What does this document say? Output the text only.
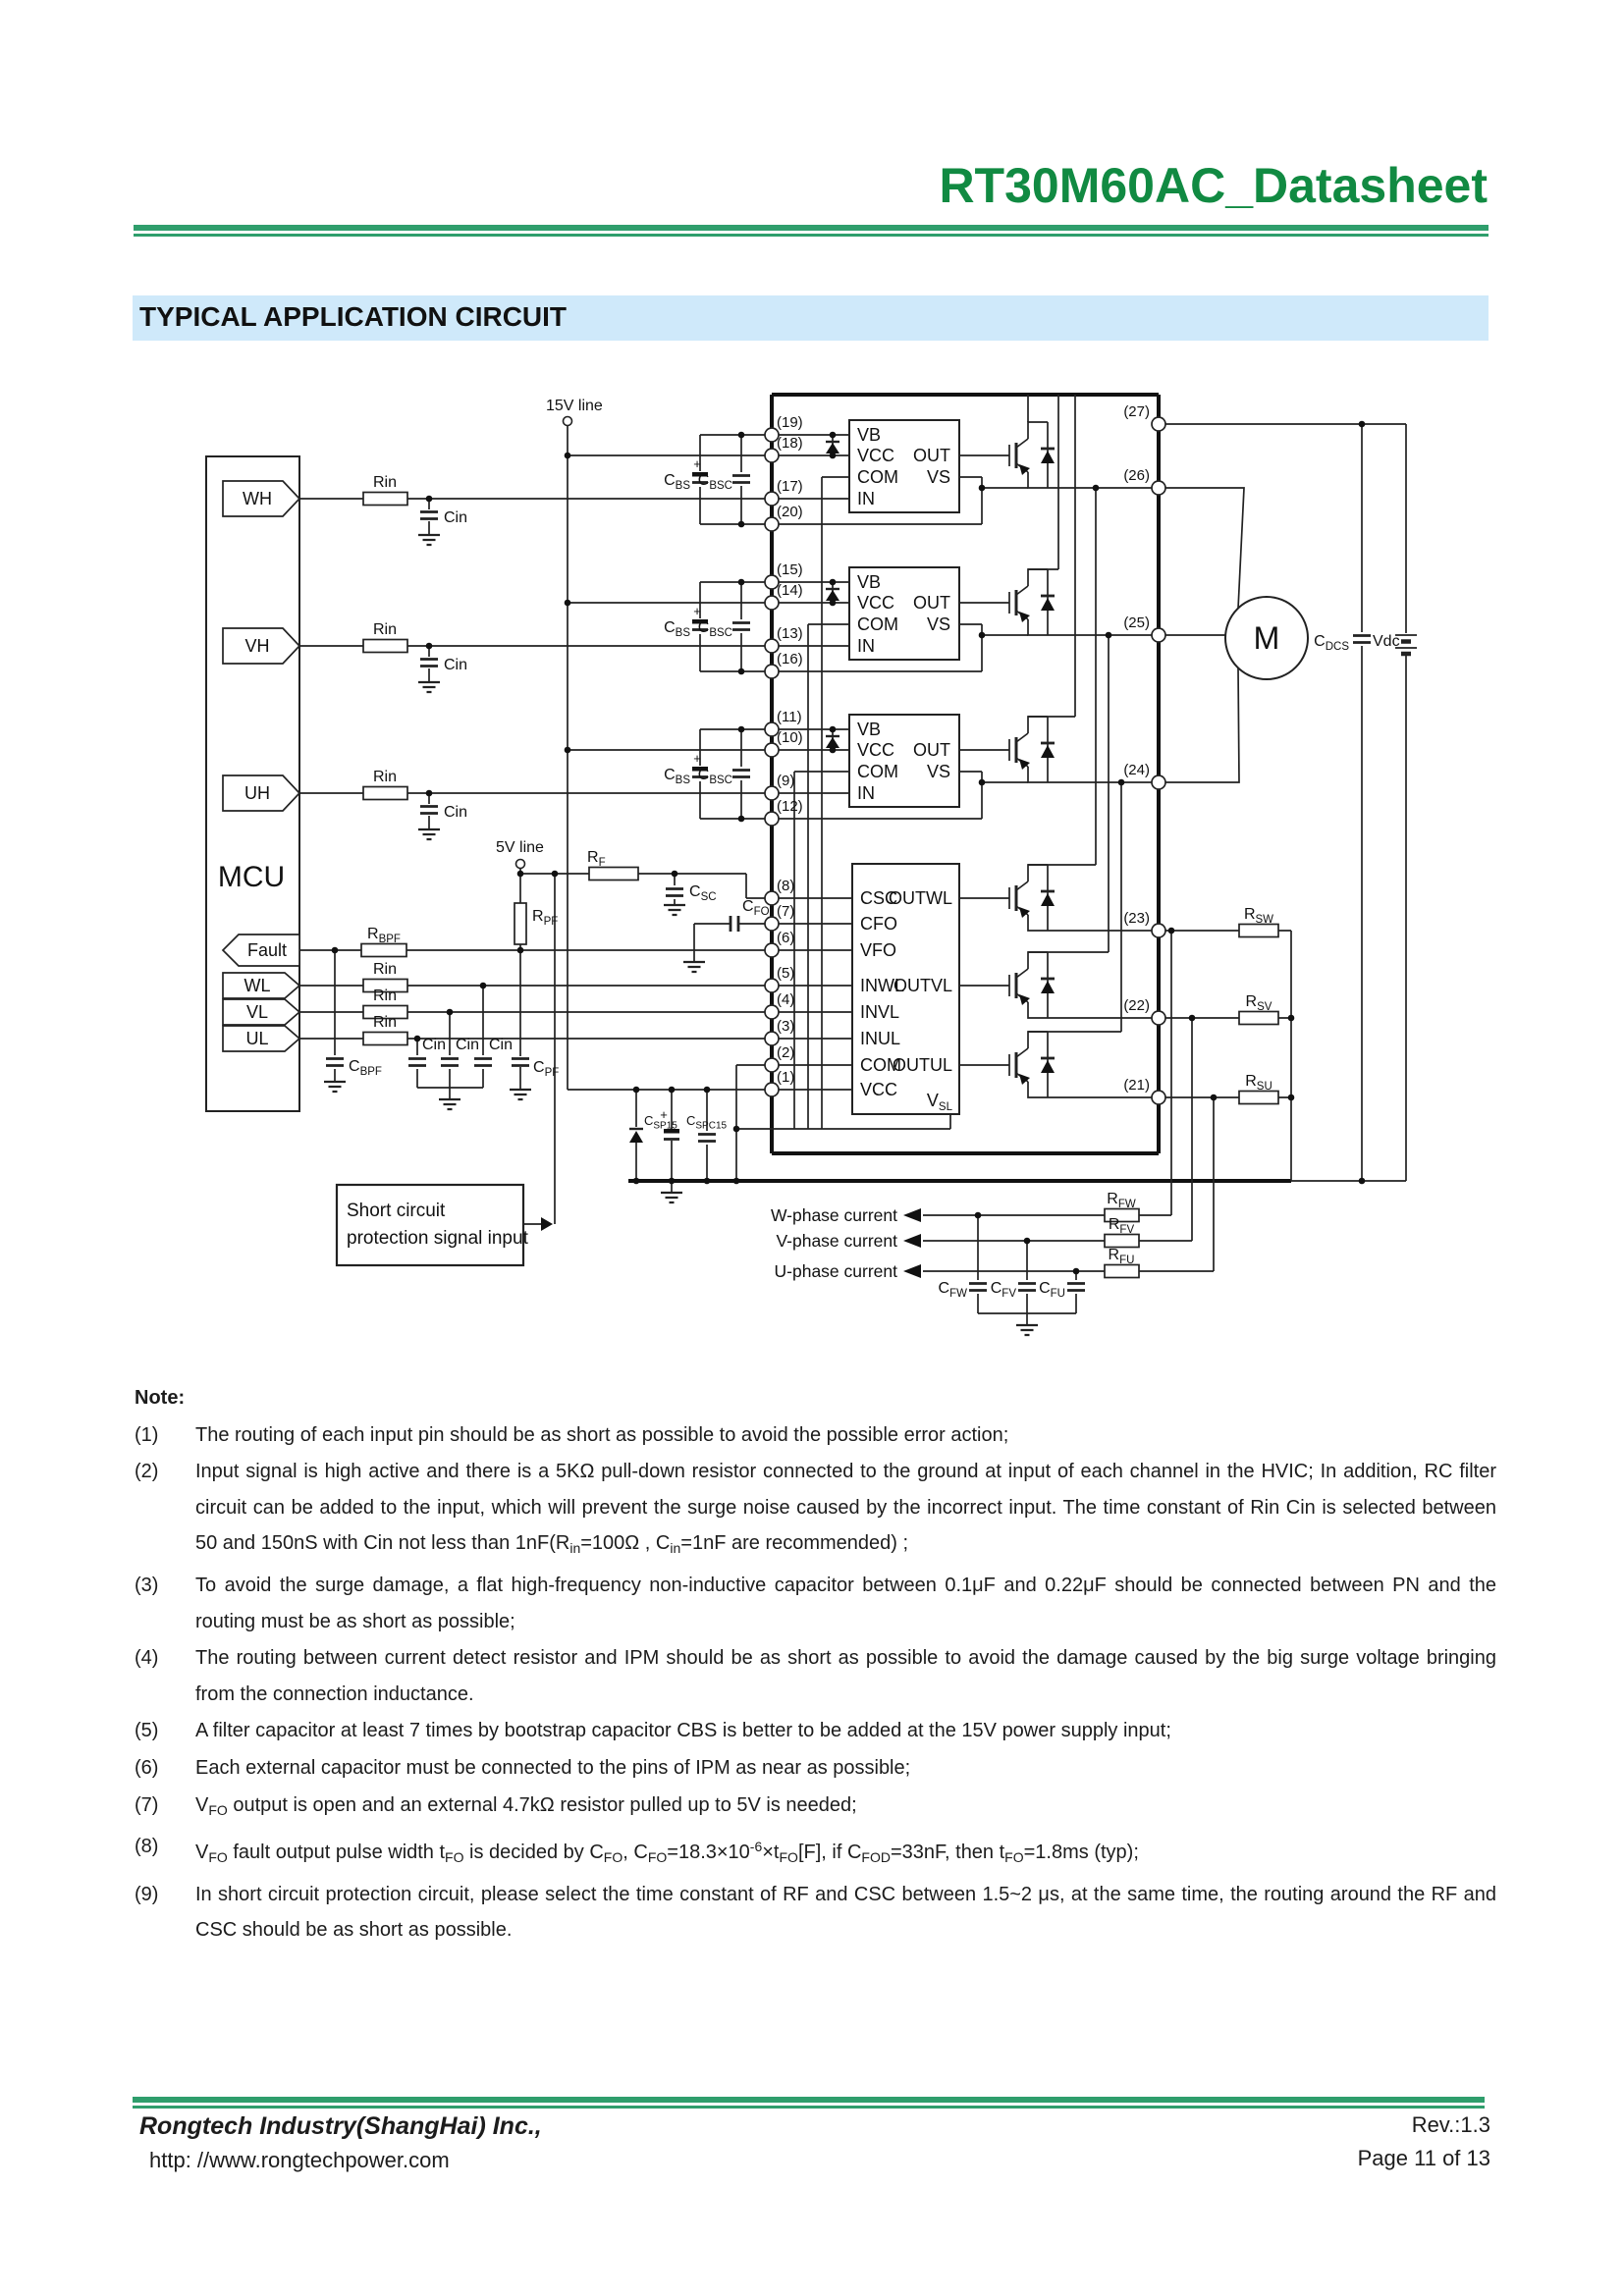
RT30M60AC_Datasheet
TYPICAL APPLICATION CIRCUIT
15V line
5V line
(19)
(18)
(17)
(20)
(15)
(14)
(13)
(16)
(11)
(10)
(9)
(12)
(8)
(7)
(6)
(5)
(4)
(3)
(2)
(1)
(27)
(26)
(25)
(24)
(23)
(22)
(21)
VB
VCC
COM
IN
OUT
VS
VB
VCC
COM
IN
OUT
VS
VB
VCC
COM
IN
OUT
VS
CSC
CFO
VFO
INWL
INVL
INUL
COM
VCC
OUTWL
OUTVL
OUTUL
$V_{SL}$
MCU
WH
VH
UH
Fault
WL
VL
UL
M
Rin
Rin
Rin
Cin
Cin
Cin
$C_{BS}$ $C_{BSC}$
$C_{BS}$ $C_{BSC}$
$C_{BS}$ $C_{BSC}$
+
+
+
$R_F$
$C_{SC}$
$C_{FO}$
$R_{PF}$
$R_{BPF}$
Rin
Rin
Rin
$C_{BPF}$
Cin Cin Cin
$C_{PF}$
$C_{SP15}$ $C_{SPC15}$
+
$C_{DCS}$ Vdc
$R_{SW}$
$R_{SV}$
$R_{SU}$
$R_{FW}$
$R_{FV}$
$R_{FU}$
$C_{FW}$ $C_{FV}$ $C_{FU}$
Short circuit
protection signal input
W-phase current
V-phase current
U-phase current
Note:
(1)	The routing of each input pin should be as short as possible to avoid the possible error action;
(2)	Input signal is high active and there is a 5KΩ pull-down resistor connected to the ground at input of each channel in the HVIC; In addition, RC filter circuit can be added to the input, which will prevent the surge noise caused by the incorrect input. The time constant of Rin Cin is selected between 50 and 150nS with Cin not less than $1nF(R_{in}=100\Omega$ , $C_{in}=1nF$ are recommended) ;
(3)	To avoid the surge damage, a flat high-frequency non-inductive capacitor between 0.1μF and 0.22μF should be connected between PN and the routing must be as short as possible;
(4)	The routing between current detect resistor and IPM should be as short as possible to avoid the damage caused by the big surge voltage bringing from the connection inductance.
(5)	A filter capacitor at least 7 times by bootstrap capacitor CBS is better to be added at the 15V power supply input;
(6)	Each external capacitor must be connected to the pins of IPM as near as possible;
(7)	$V_{FO}$ output is open and an external 4.7kΩ resistor pulled up to 5V is needed;
(8)	$V_{FO}$ fault output pulse width $t_{FO}$ is decided by $C_{FO}$, $C_{FO}=18.3\times 10^{-6}\times t_{FO}[F]$, if $C_{FOD}=33nF$, then $t_{FO}=1.8ms$ (typ);
(9)	In short circuit protection circuit, please select the time constant of RF and CSC between 1.5~2 μs, at the same time, the routing around the RF and CSC should be as short as possible.
Rongtech Industry(ShangHai) Inc.,
http: //www.rongtechpower.com
Rev.:1.3
Page 11 of 13
